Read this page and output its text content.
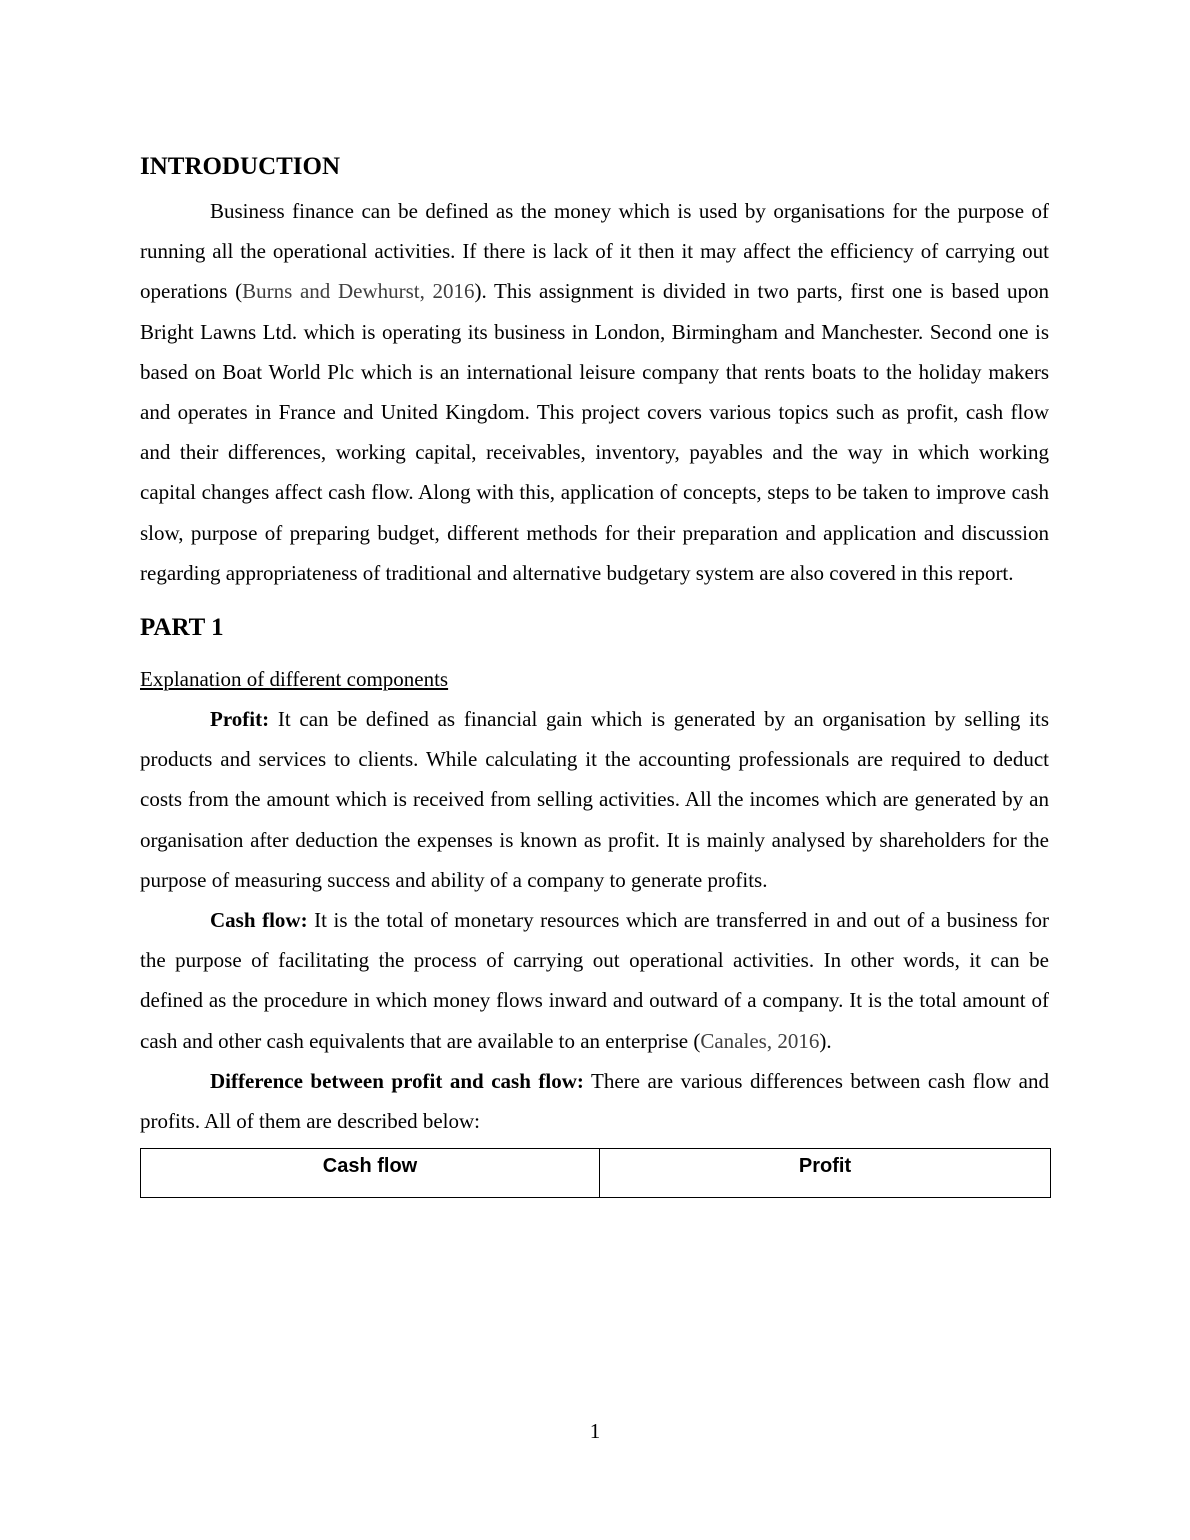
INTRODUCTION

Business finance can be defined as the money which is used by organisations for the purpose of running all the operational activities. If there is lack of it then it may affect the efficiency of carrying out operations (Burns and Dewhurst, 2016). This assignment is divided in two parts, first one is based upon Bright Lawns Ltd. which is operating its business in London, Birmingham and Manchester. Second one is based on Boat World Plc which is an international leisure company that rents boats to the holiday makers and operates in France and United Kingdom. This project covers various topics such as profit, cash flow and their differences, working capital, receivables, inventory, payables and the way in which working capital changes affect cash flow. Along with this, application of concepts, steps to be taken to improve cash slow, purpose of preparing budget, different methods for their preparation and application and discussion regarding appropriateness of traditional and alternative budgetary system are also covered in this report.

PART 1

Explanation of different components

Profit: It can be defined as financial gain which is generated by an organisation by selling its products and services to clients. While calculating it the accounting professionals are required to deduct costs from the amount which is received from selling activities. All the incomes which are generated by an organisation after deduction the expenses is known as profit. It is mainly analysed by shareholders for the purpose of measuring success and ability of a company to generate profits.

Cash flow: It is the total of monetary resources which are transferred in and out of a business for the purpose of facilitating the process of carrying out operational activities. In other words, it can be defined as the procedure in which money flows inward and outward of a company. It is the total amount of cash and other cash equivalents that are available to an enterprise (Canales, 2016).

Difference between profit and cash flow: There are various differences between cash flow and profits. All of them are described below:

Cash flow	Profit
1
